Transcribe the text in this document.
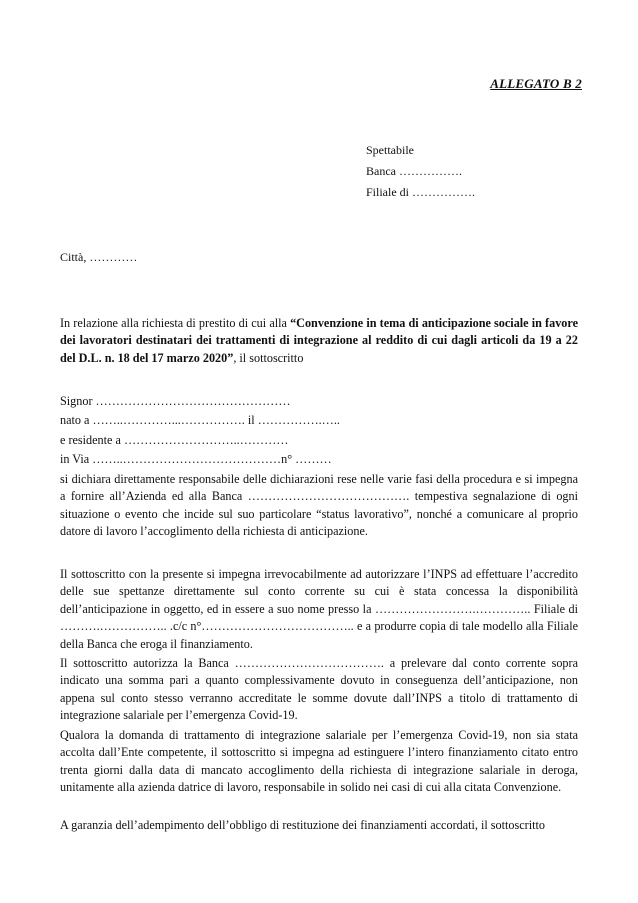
ALLEGATO B 2
Spettabile
Banca …………….
Filiale di …………….
Città, …………

In relazione alla richiesta di prestito di cui alla “Convenzione in tema di anticipazione sociale in favore dei lavoratori destinatari dei trattamenti di integrazione al reddito di cui dagli articoli da 19 a 22 del D.L. n. 18 del 17 marzo 2020”, il sottoscritto

Signor …………………………………………
nato a ……..…………...……………. il …………….…..
e residente a ………………………..…………
in Via ……..…………………………………n° ………

si dichiara direttamente responsabile delle dichiarazioni rese nelle varie fasi della procedura e si impegna a fornire all’Azienda ed alla Banca …………………………………. tempestiva segnalazione di ogni situazione o evento che incide sul suo particolare “status lavorativo”, nonché a comunicare al proprio datore di lavoro l’accoglimento della richiesta di anticipazione.

Il sottoscritto con la presente si impegna irrevocabilmente ad autorizzare l’INPS ad effettuare l’accredito delle sue spettanze direttamente sul conto corrente su cui è stata concessa la disponibilità dell’anticipazione in oggetto, ed in essere a suo nome presso la …………………….………….. Filiale di ……….…………….. .c/c n°……………………………….. e a produrre copia di tale modello alla Filiale della Banca che eroga il finanziamento.

Il sottoscritto autorizza la Banca ………………………………. a prelevare dal conto corrente sopra indicato una somma pari a quanto complessivamente dovuto in conseguenza dell’anticipazione, non appena sul conto stesso verranno accreditate le somme dovute dall’INPS a titolo di trattamento di integrazione salariale per l’emergenza Covid-19.

Qualora la domanda di trattamento di integrazione salariale per l’emergenza Covid-19, non sia stata accolta dall’Ente competente, il sottoscritto si impegna ad estinguere l’intero finanziamento citato entro trenta giorni dalla data di mancato accoglimento della richiesta di integrazione salariale in deroga, unitamente alla azienda datrice di lavoro, responsabile in solido nei casi di cui alla citata Convenzione.

A garanzia dell’adempimento dell’obbligo di restituzione dei finanziamenti accordati, il sottoscritto
